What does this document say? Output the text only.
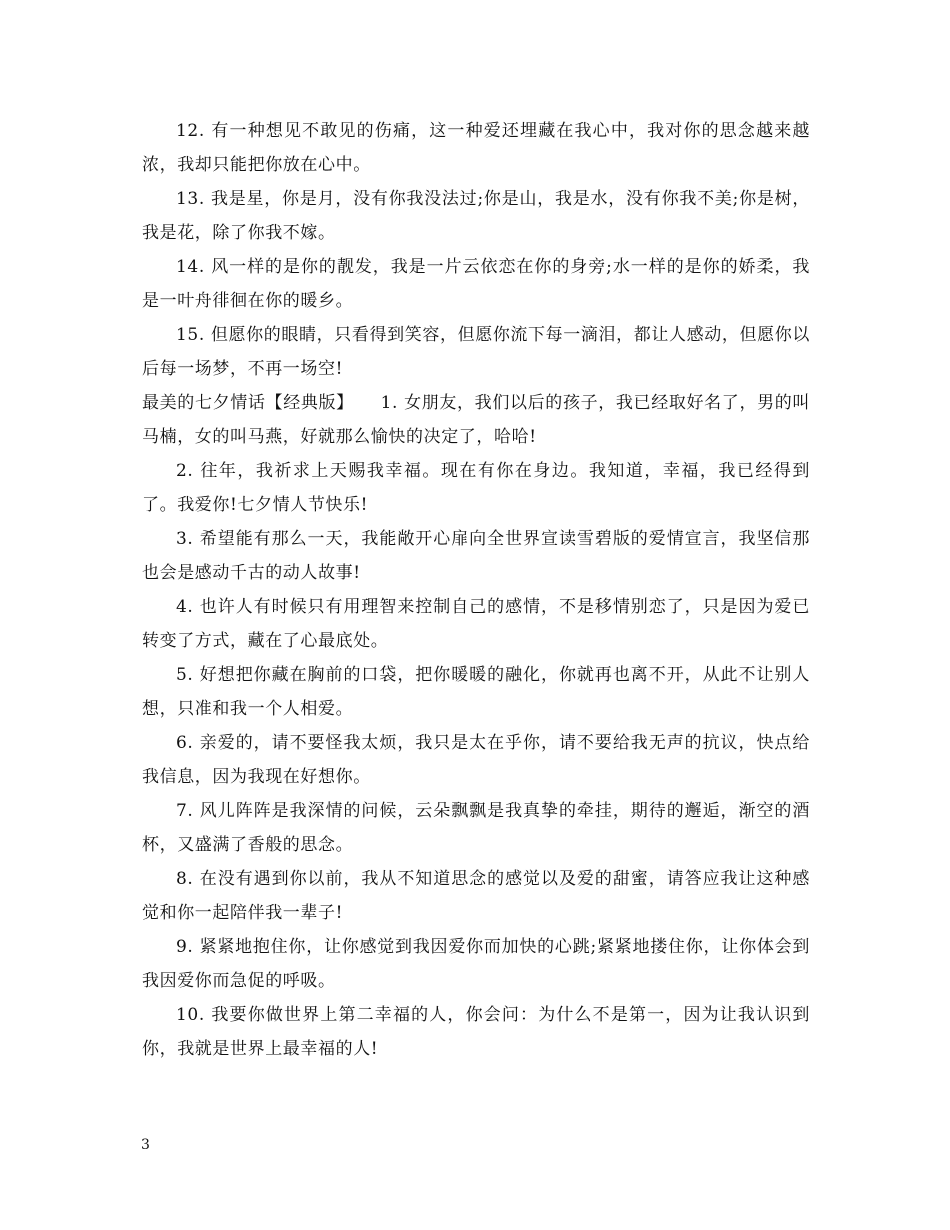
12. 有一种想见不敢见的伤痛，这一种爱还埋藏在我心中，我对你的思念越来越浓，我却只能把你放在心中。

13. 我是星，你是月，没有你我没法过;你是山，我是水，没有你我不美;你是树，我是花，除了你我不嫁。

14. 风一样的是你的靓发，我是一片云依恋在你的身旁;水一样的是你的娇柔，我是一叶舟徘徊在你的暖乡。

15. 但愿你的眼睛，只看得到笑容，但愿你流下每一滴泪，都让人感动，但愿你以后每一场梦，不再一场空!

最美的七夕情话【经典版】　　1. 女朋友，我们以后的孩子，我已经取好名了，男的叫马楠，女的叫马燕，好就那么愉快的决定了，哈哈!

2. 往年，我祈求上天赐我幸福。现在有你在身边。我知道，幸福，我已经得到了。我爱你!七夕情人节快乐!

3. 希望能有那么一天，我能敞开心扉向全世界宣读雪碧版的爱情宣言，我坚信那也会是感动千古的动人故事!

4. 也许人有时候只有用理智来控制自己的感情，不是移情别恋了，只是因为爱已转变了方式，藏在了心最底处。

5. 好想把你藏在胸前的口袋，把你暖暖的融化，你就再也离不开，从此不让别人想，只准和我一个人相爱。

6. 亲爱的，请不要怪我太烦，我只是太在乎你，请不要给我无声的抗议，快点给我信息，因为我现在好想你。

7. 风儿阵阵是我深情的问候，云朵飘飘是我真挚的牵挂，期待的邂逅，渐空的酒杯，又盛满了香般的思念。

8. 在没有遇到你以前，我从不知道思念的感觉以及爱的甜蜜，请答应我让这种感觉和你一起陪伴我一辈子!

9. 紧紧地抱住你，让你感觉到我因爱你而加快的心跳;紧紧地搂住你，让你体会到我因爱你而急促的呼吸。

10. 我要你做世界上第二幸福的人，你会问：为什么不是第一，因为让我认识到你，我就是世界上最幸福的人!

3
